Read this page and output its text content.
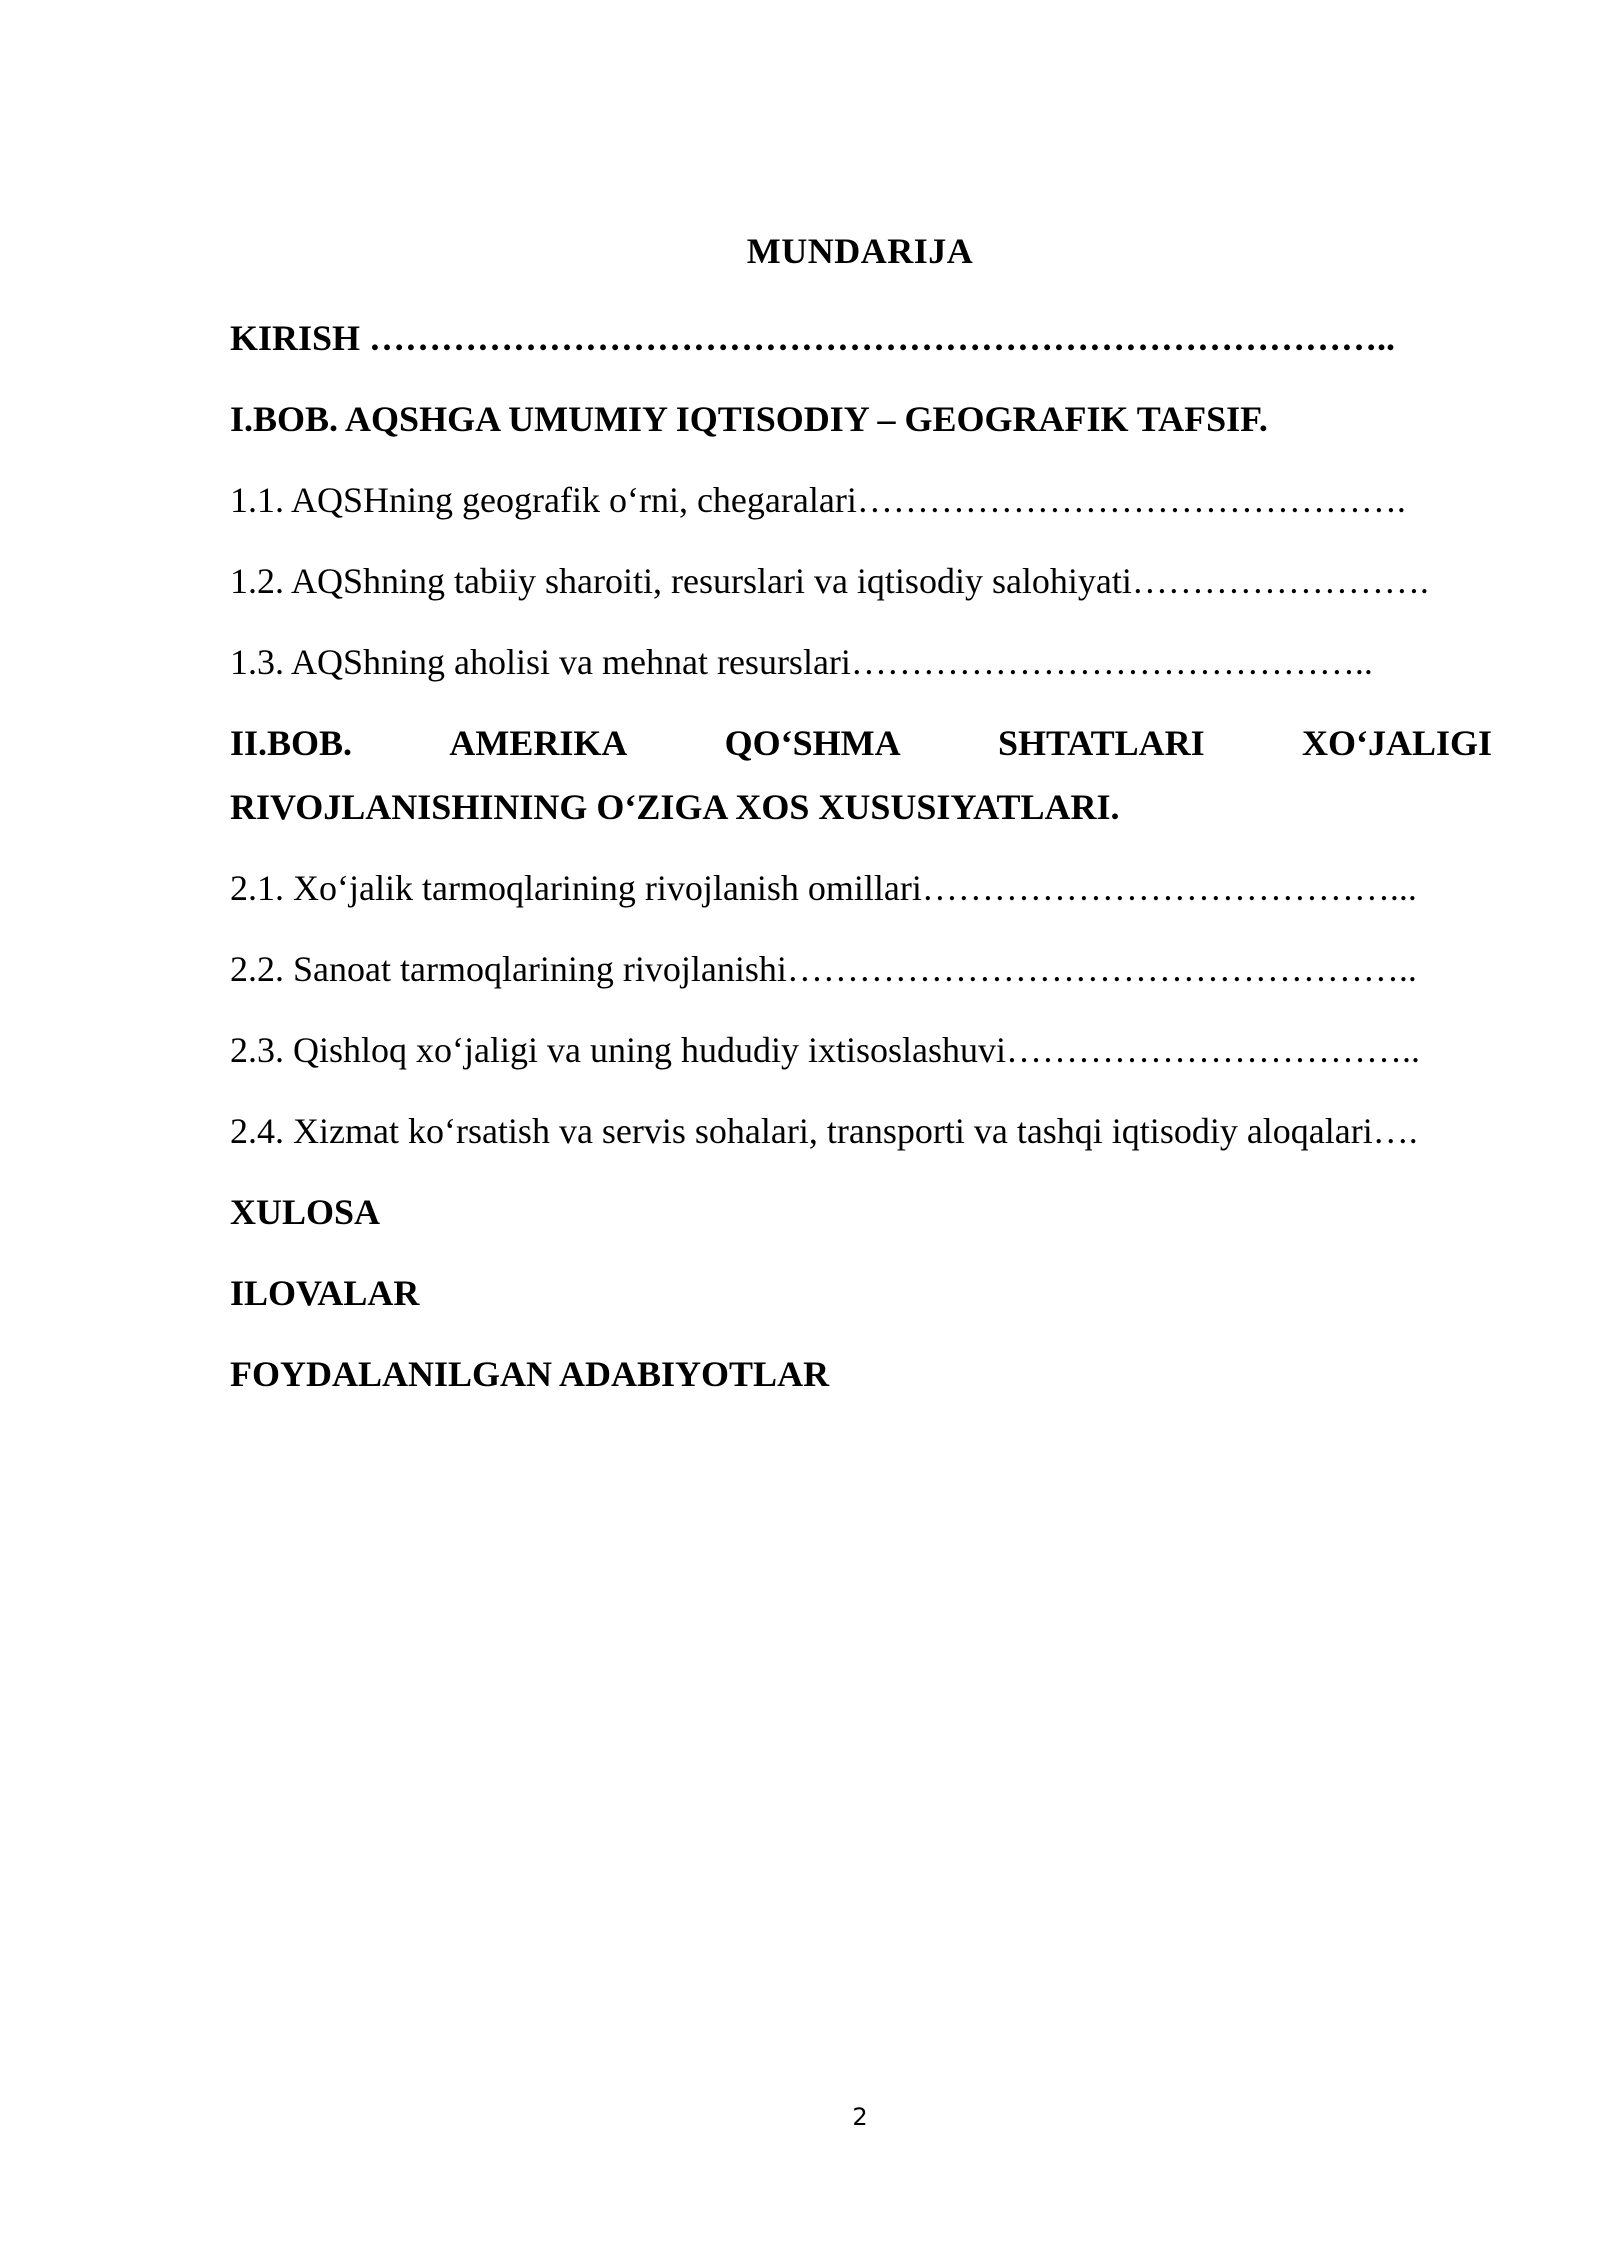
MUNDARIJA
KIRISH …………………………………………………………………………..
I.BOB. AQSHGA UMUMIY IQTISODIY – GEOGRAFIK TAFSIF.
1.1. AQSHning geografik o‘rni, chegaralari……………………………………….
1.2. AQShning tabiiy sharoiti, resurslari va iqtisodiy salohiyati…………………….
1.3. AQShning aholisi va mehnat resurslari……………………………………..
II.BOB.	AMERIKA	QO‘SHMA	SHTATLARI	XO‘JALIGI
RIVOJLANISHINING O‘ZIGA XOS XUSUSIYATLARI.
2.1. Xo‘jalik tarmoqlarining rivojlanish omillari…………………………………...
2.2. Sanoat tarmoqlarining rivojlanishi……………………………………………..
2.3. Qishloq xo‘jaligi va uning hududiy ixtisoslashuvi……………………………..
2.4. Xizmat ko‘rsatish va servis sohalari, transporti va tashqi iqtisodiy aloqalari….
XULOSA
ILOVALAR
FOYDALANILGAN ADABIYOTLAR
2
